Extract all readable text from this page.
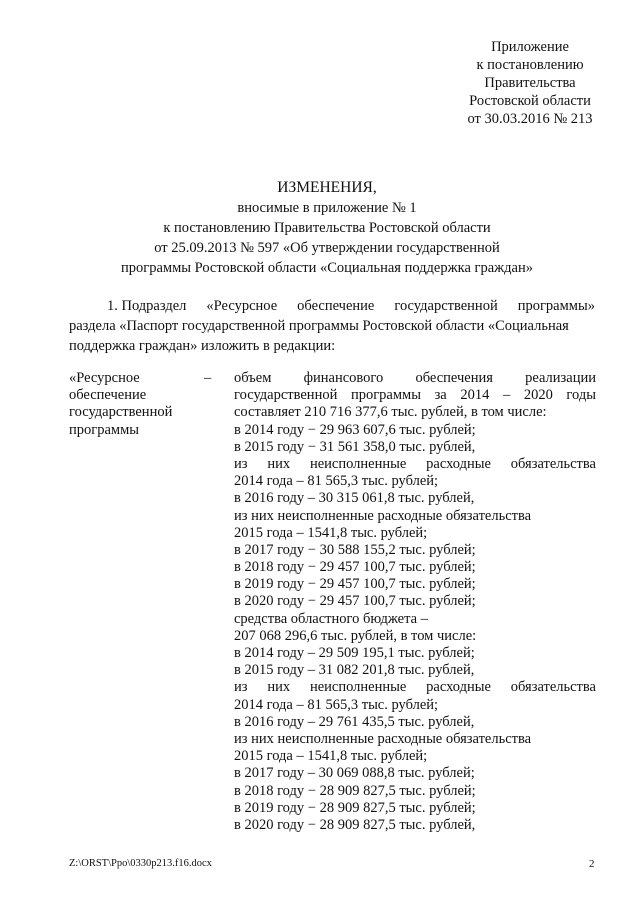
Приложение
к постановлению
Правительства
Ростовской области
от 30.03.2016 № 213
ИЗМЕНЕНИЯ,
вносимые в приложение № 1
к постановлению Правительства Ростовской области
от 25.09.2013 № 597 «Об утверждении государственной
программы Ростовской области «Социальная поддержка граждан»
1. Подраздел «Ресурсное обеспечение государственной программы»
раздела «Паспорт государственной программы Ростовской области «Социальная
поддержка граждан» изложить в редакции:
«Ресурсное
обеспечение
государственной
программы
– объем финансового обеспечения реализации
государственной программы за 2014 – 2020 годы
составляет 210 716 377,6 тыс. рублей, в том числе:
в 2014 году − 29 963 607,6 тыс. рублей;
в 2015 году − 31 561 358,0 тыс. рублей,
из них неисполненные расходные обязательства
2014 года – 81 565,3 тыс. рублей;
в 2016 году – 30 315 061,8 тыс. рублей,
из них неисполненные расходные обязательства
2015 года – 1541,8 тыс. рублей;
в 2017 году − 30 588 155,2 тыс. рублей;
в 2018 году − 29 457 100,7 тыс. рублей;
в 2019 году − 29 457 100,7 тыс. рублей;
в 2020 году − 29 457 100,7 тыс. рублей;
средства областного бюджета –
207 068 296,6 тыс. рублей, в том числе:
в 2014 году – 29 509 195,1 тыс. рублей;
в 2015 году – 31 082 201,8 тыс. рублей,
из них неисполненные расходные обязательства
2014 года – 81 565,3 тыс. рублей;
в 2016 году – 29 761 435,5 тыс. рублей,
из них неисполненные расходные обязательства
2015 года – 1541,8 тыс. рублей;
в 2017 году – 30 069 088,8 тыс. рублей;
в 2018 году − 28 909 827,5 тыс. рублей;
в 2019 году − 28 909 827,5 тыс. рублей;
в 2020 году − 28 909 827,5 тыс. рублей,
Z:\ORST\Ppo\0330p213.f16.docx	2
